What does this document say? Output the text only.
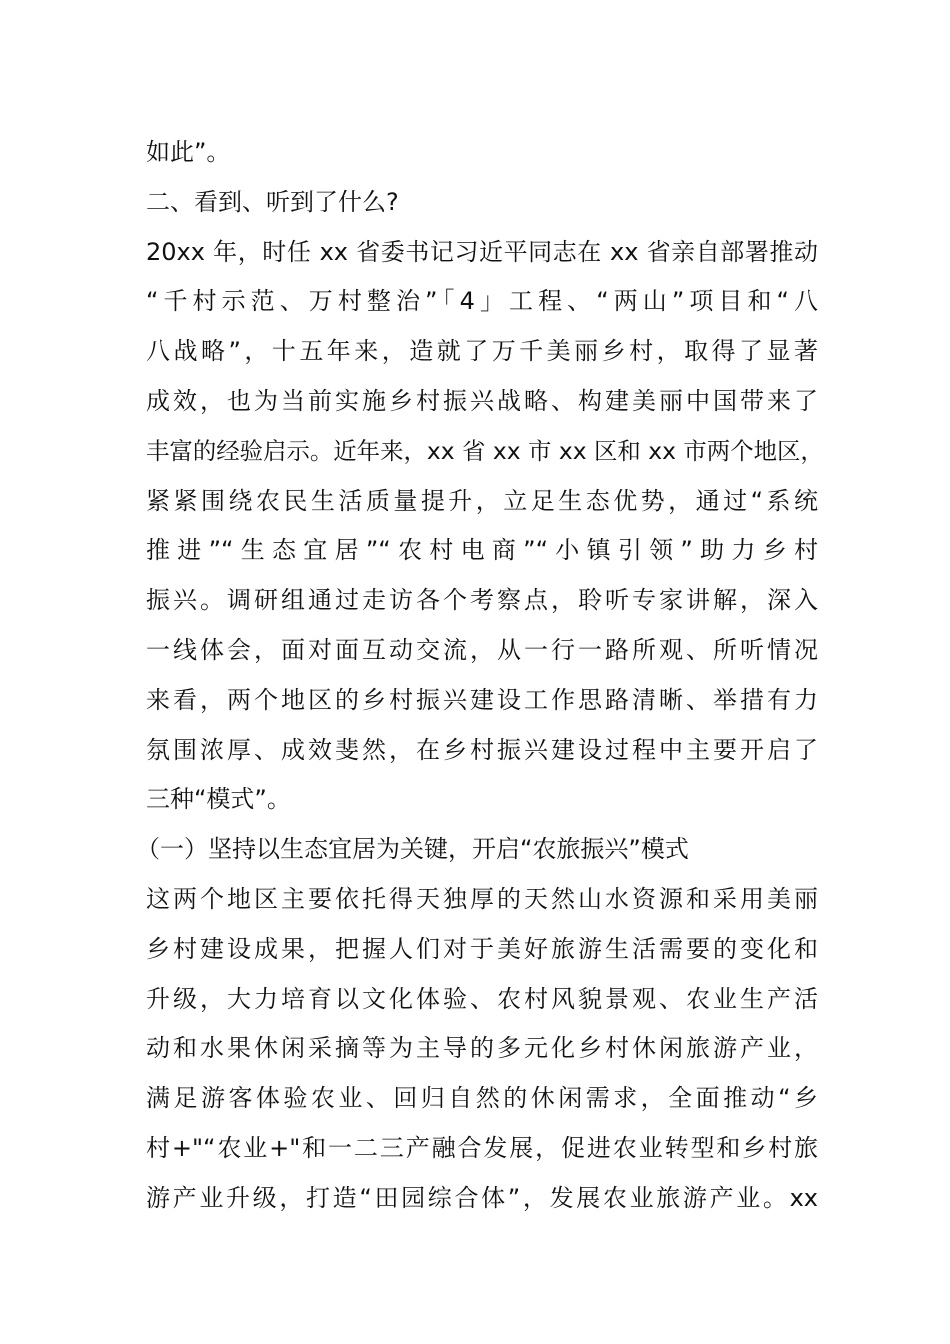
如此”。
二、看到、听到了什么?
20xx 年，时任 xx 省委书记习近平同志在 xx 省亲自部署推动
“千村示范、万村整治”「4」工程、“两山”项目和“八
八战略”，十五年来，造就了万千美丽乡村，取得了显著
成效，也为当前实施乡村振兴战略、构建美丽中国带来了
丰富的经验启示。近年来，xx 省 xx 市 xx 区和 xx 市两个地区，
紧紧围绕农民生活质量提升，立足生态优势，通过“系统
推进”“生态宜居”“农村电商”“小镇引领”助力乡村
振兴。调研组通过走访各个考察点，聆听专家讲解，深入
一线体会，面对面互动交流，从一行一路所观、所听情况
来看，两个地区的乡村振兴建设工作思路清晰、举措有力
氛围浓厚、成效斐然，在乡村振兴建设过程中主要开启了
三种“模式”。
（一）坚持以生态宜居为关键，开启“农旅振兴”模式
这两个地区主要依托得天独厚的天然山水资源和采用美丽
乡村建设成果，把握人们对于美好旅游生活需要的变化和
升级，大力培育以文化体验、农村风貌景观、农业生产活
动和水果休闲采摘等为主导的多元化乡村休闲旅游产业，
满足游客体验农业、回归自然的休闲需求，全面推动“乡
村+"“农业+"和一二三产融合发展，促进农业转型和乡村旅
游产业升级，打造“田园综合体”，发展农业旅游产业。xx
